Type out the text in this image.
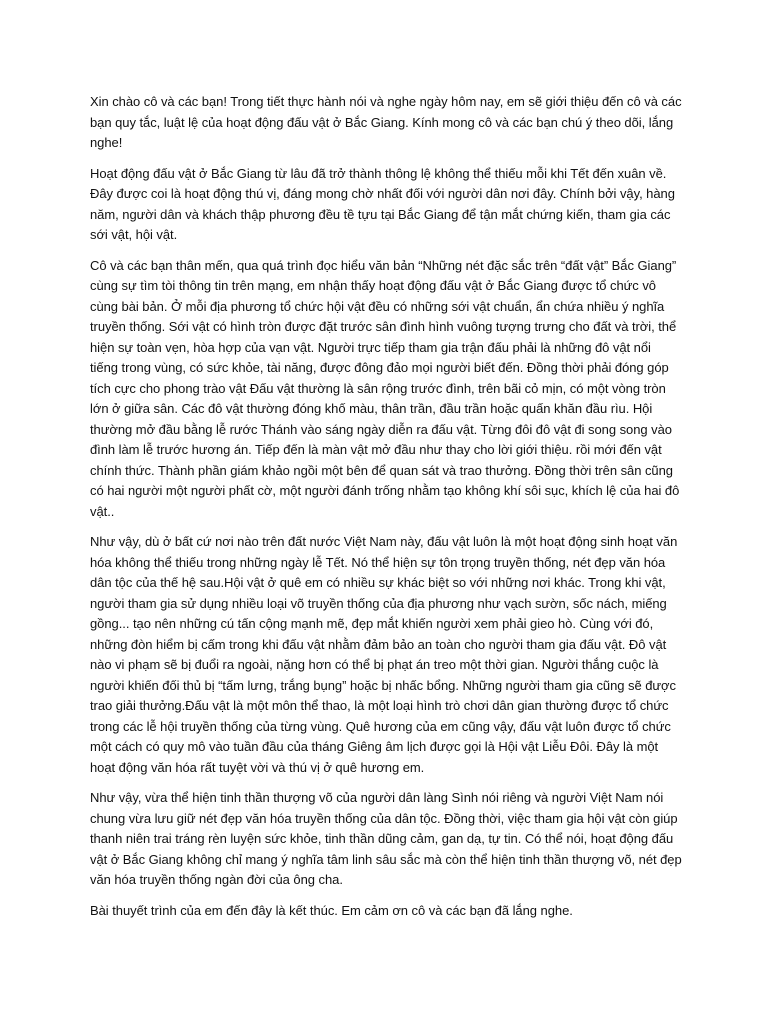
Xin chào cô và các bạn! Trong tiết thực hành nói và nghe ngày hôm nay, em sẽ giới thiệu đến cô và các bạn quy tắc, luật lệ của hoạt động đấu vật ở Bắc Giang. Kính mong cô và các bạn chú ý theo dõi, lắng nghe!

Hoạt động đấu vật ở Bắc Giang từ lâu đã trở thành thông lệ không thể thiếu mỗi khi Tết đến xuân về. Đây được coi là hoạt động thú vị, đáng mong chờ nhất đối với người dân nơi đây. Chính bởi vậy, hàng năm, người dân và khách thập phương đều tề tựu tại Bắc Giang để tận mắt chứng kiến, tham gia các sới vật, hội vật.

Cô và các bạn thân mến, qua quá trình đọc hiểu văn bản “Những nét đặc sắc trên “đất vật” Bắc Giang” cùng sự tìm tòi thông tin trên mạng, em nhận thấy hoạt động đấu vật ở Bắc Giang được tổ chức vô cùng bài bản. Ở mỗi địa phương tổ chức hội vật đều có những sới vật chuẩn, ẩn chứa nhiều ý nghĩa truyền thống. Sới vật có hình tròn được đặt trước sân đình hình vuông tượng trưng cho đất và trời, thể hiện sự toàn vẹn, hòa hợp của vạn vật. Người trực tiếp tham gia trận đấu phải là những đô vật nổi tiếng trong vùng, có sức khỏe, tài năng, được đông đảo mọi người biết đến. Đồng thời phải đóng góp tích cực cho phong trào vật Đấu vật thường là sân rộng trước đình, trên bãi cỏ mịn, có một vòng tròn lớn ở giữa sân. Các đô vật thường đóng khố màu, thân trần, đầu trần hoặc quấn khăn đầu rìu. Hội thường mở đầu bằng lễ rước Thánh vào sáng ngày diễn ra đấu vật. Từng đôi đô vật đi song song vào đình làm lễ trước hương án. Tiếp đến là màn vật mở đầu như thay cho lời giới thiệu. rồi mới đến vật chính thức. Thành phần giám khảo ngồi một bên để quan sát và trao thưởng. Đồng thời trên sân cũng có hai người một người phất cờ, một người đánh trống nhằm tạo không khí sôi sục, khích lệ của hai đô vật..

Như vậy, dù ở bất cứ nơi nào trên đất nước Việt Nam này, đấu vật luôn là một hoạt động sinh hoạt văn hóa không thể thiếu trong những ngày lễ Tết. Nó thể hiện sự tôn trọng truyền thống, nét đẹp văn hóa dân tộc của thế hệ sau.Hội vật ở quê em có nhiều sự khác biệt so với những nơi khác. Trong khi vật, người tham gia sử dụng nhiều loại võ truyền thống của địa phương như vạch sườn, sốc nách, miếng gồng... tạo nên những cú tấn cộng mạnh mẽ, đẹp mắt khiến người xem phải gieo hò. Cùng với đó, những đòn hiểm bị cấm trong khi đấu vật nhằm đảm bảo an toàn cho người tham gia đấu vật. Đô vật nào vi phạm sẽ bị đuổi ra ngoài, nặng hơn có thể bị phạt án treo một thời gian. Người thắng cuộc là người khiến đối thủ bị “tấm lưng, trắng bụng” hoặc bị nhấc bổng. Những người tham gia cũng sẽ được trao giải thưởng.Đấu vật là một môn thể thao, là một loại hình trò chơi dân gian thường được tổ chức trong các lễ hội truyền thống của từng vùng. Quê hương của em cũng vậy, đấu vật luôn được tổ chức một cách có quy mô vào tuần đầu của tháng Giêng âm lịch được gọi là Hội vật Liễu Đôi. Đây là một hoạt động văn hóa rất tuyệt vời và thú vị ở quê hương em.

Như vậy, vừa thể hiện tinh thần thượng võ của người dân làng Sình nói riêng và người Việt Nam nói chung vừa lưu giữ nét đẹp văn hóa truyền thống của dân tộc. Đồng thời, việc tham gia hội vật còn giúp thanh niên trai tráng rèn luyện sức khỏe, tinh thần dũng cảm, gan dạ, tự tin. Có thể nói, hoạt động đấu vật ở Bắc Giang không chỉ mang ý nghĩa tâm linh sâu sắc mà còn thể hiện tinh thần thượng võ, nét đẹp văn hóa truyền thống ngàn đời của ông cha.

Bài thuyết trình của em đến đây là kết thúc. Em cảm ơn cô và các bạn đã lắng nghe.
